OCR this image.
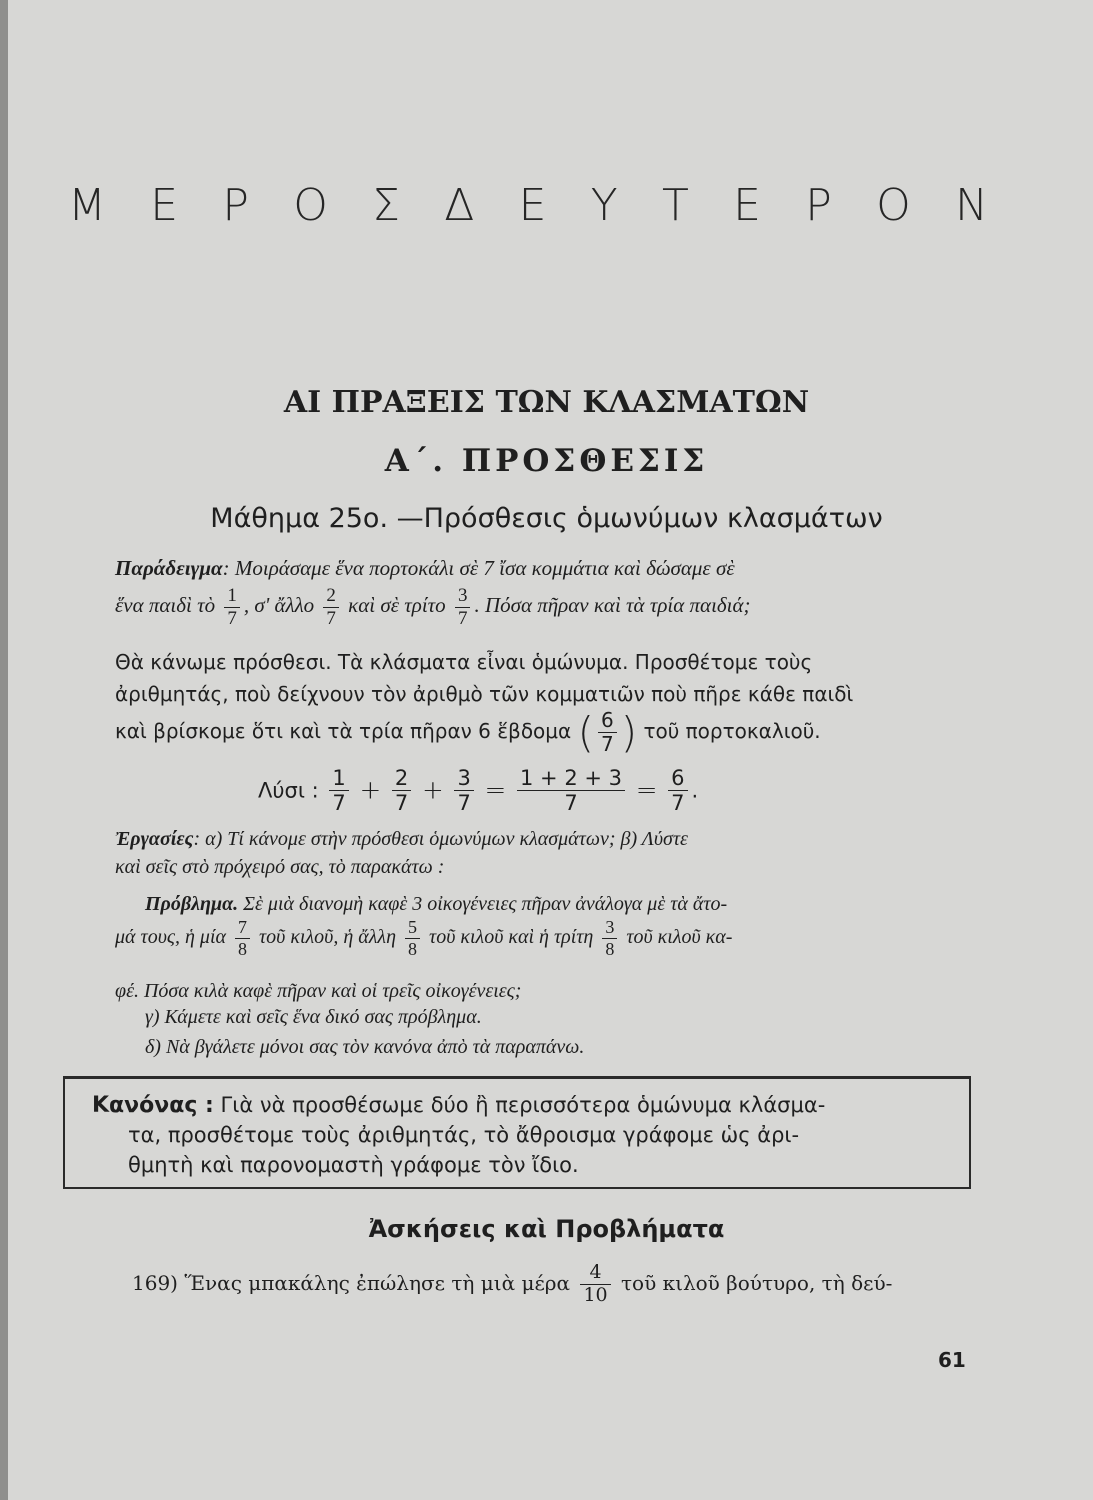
Μ Ε Ρ Ο Σ Δ Ε Υ Τ Ε Ρ Ο Ν
ΑΙ ΠΡΑΞΕΙΣ ΤΩΝ ΚΛΑΣΜΑΤΩΝ
Α΄. ΠΡΟΣΘΕΣΙΣ
Μάθημα 25ο. —Πρόσθεσις ὁμωνύμων κλασμάτων
Παράδειγμα: Μοιράσαμε ἕνα πορτοκάλι σὲ 7 ἴσα κομμάτια καὶ δώσαμε σὲ
ἕνα παιδὶ τὸ $\frac{1}{7}$ , σ' ἄλλο $\frac{2}{7}$ καὶ σὲ τρίτο $\frac{3}{7}$ . Πόσα πῆραν καὶ τὰ τρία παιδιά;
Θὰ κάνωμε πρόσθεσι. Τὰ κλάσματα εἶναι ὁμώνυμα. Προσθέτομε τοὺς
ἀριθμητάς, ποὺ δείχνουν τὸν ἀριθμὸ τῶν κομματιῶν ποὺ πῆρε κάθε παιδὶ
καὶ βρίσκομε ὅτι καὶ τὰ τρία πῆραν 6 ἕβδομα ( $\frac{6}{7}$ ) τοῦ πορτοκαλιοῦ.
Λύσι : $\frac{1}{7} + \frac{2}{7} + \frac{3}{7} = \frac{1 + 2 + 3}{7} = \frac{6}{7}$ .
Ἐργασίες: α) Τί κάνομε στὴν πρόσθεσι ὁμωνύμων κλασμάτων; β) Λύστε
καὶ σεῖς στὸ πρόχειρό σας, τὸ παρακάτω :
Πρόβλημα. Σὲ μιὰ διανομὴ καφὲ 3 οἰκογένειες πῆραν ἀνάλογα μὲ τὰ ἄτο-
μά τους, ἡ μία $\frac{7}{8}$ τοῦ κιλοῦ, ἡ ἄλλη $\frac{5}{8}$ τοῦ κιλοῦ καὶ ἡ τρίτη $\frac{3}{8}$ τοῦ κιλοῦ κα-
φέ. Πόσα κιλὰ καφὲ πῆραν καὶ οἱ τρεῖς οἰκογένειες;
γ) Κάμετε καὶ σεῖς ἕνα δικό σας πρόβλημα.
δ) Νὰ βγάλετε μόνοι σας τὸν κανόνα ἀπὸ τὰ παραπάνω.
Κανόνας : Γιὰ νὰ προσθέσωμε δύο ἢ περισσότερα ὁμώνυμα κλάσμα-
τα, προσθέτομε τοὺς ἀριθμητάς, τὸ ἄθροισμα γράφομε ὡς ἀρι-
θμητὴ καὶ παρονομαστὴ γράφομε τὸν ἴδιο.
Ἀσκήσεις καὶ Προβλήματα
169) Ἕνας μπακάλης ἐπώλησε τὴ μιὰ μέρα $\frac{4}{10}$ τοῦ κιλοῦ βούτυρο, τὴ δεύ-
61
